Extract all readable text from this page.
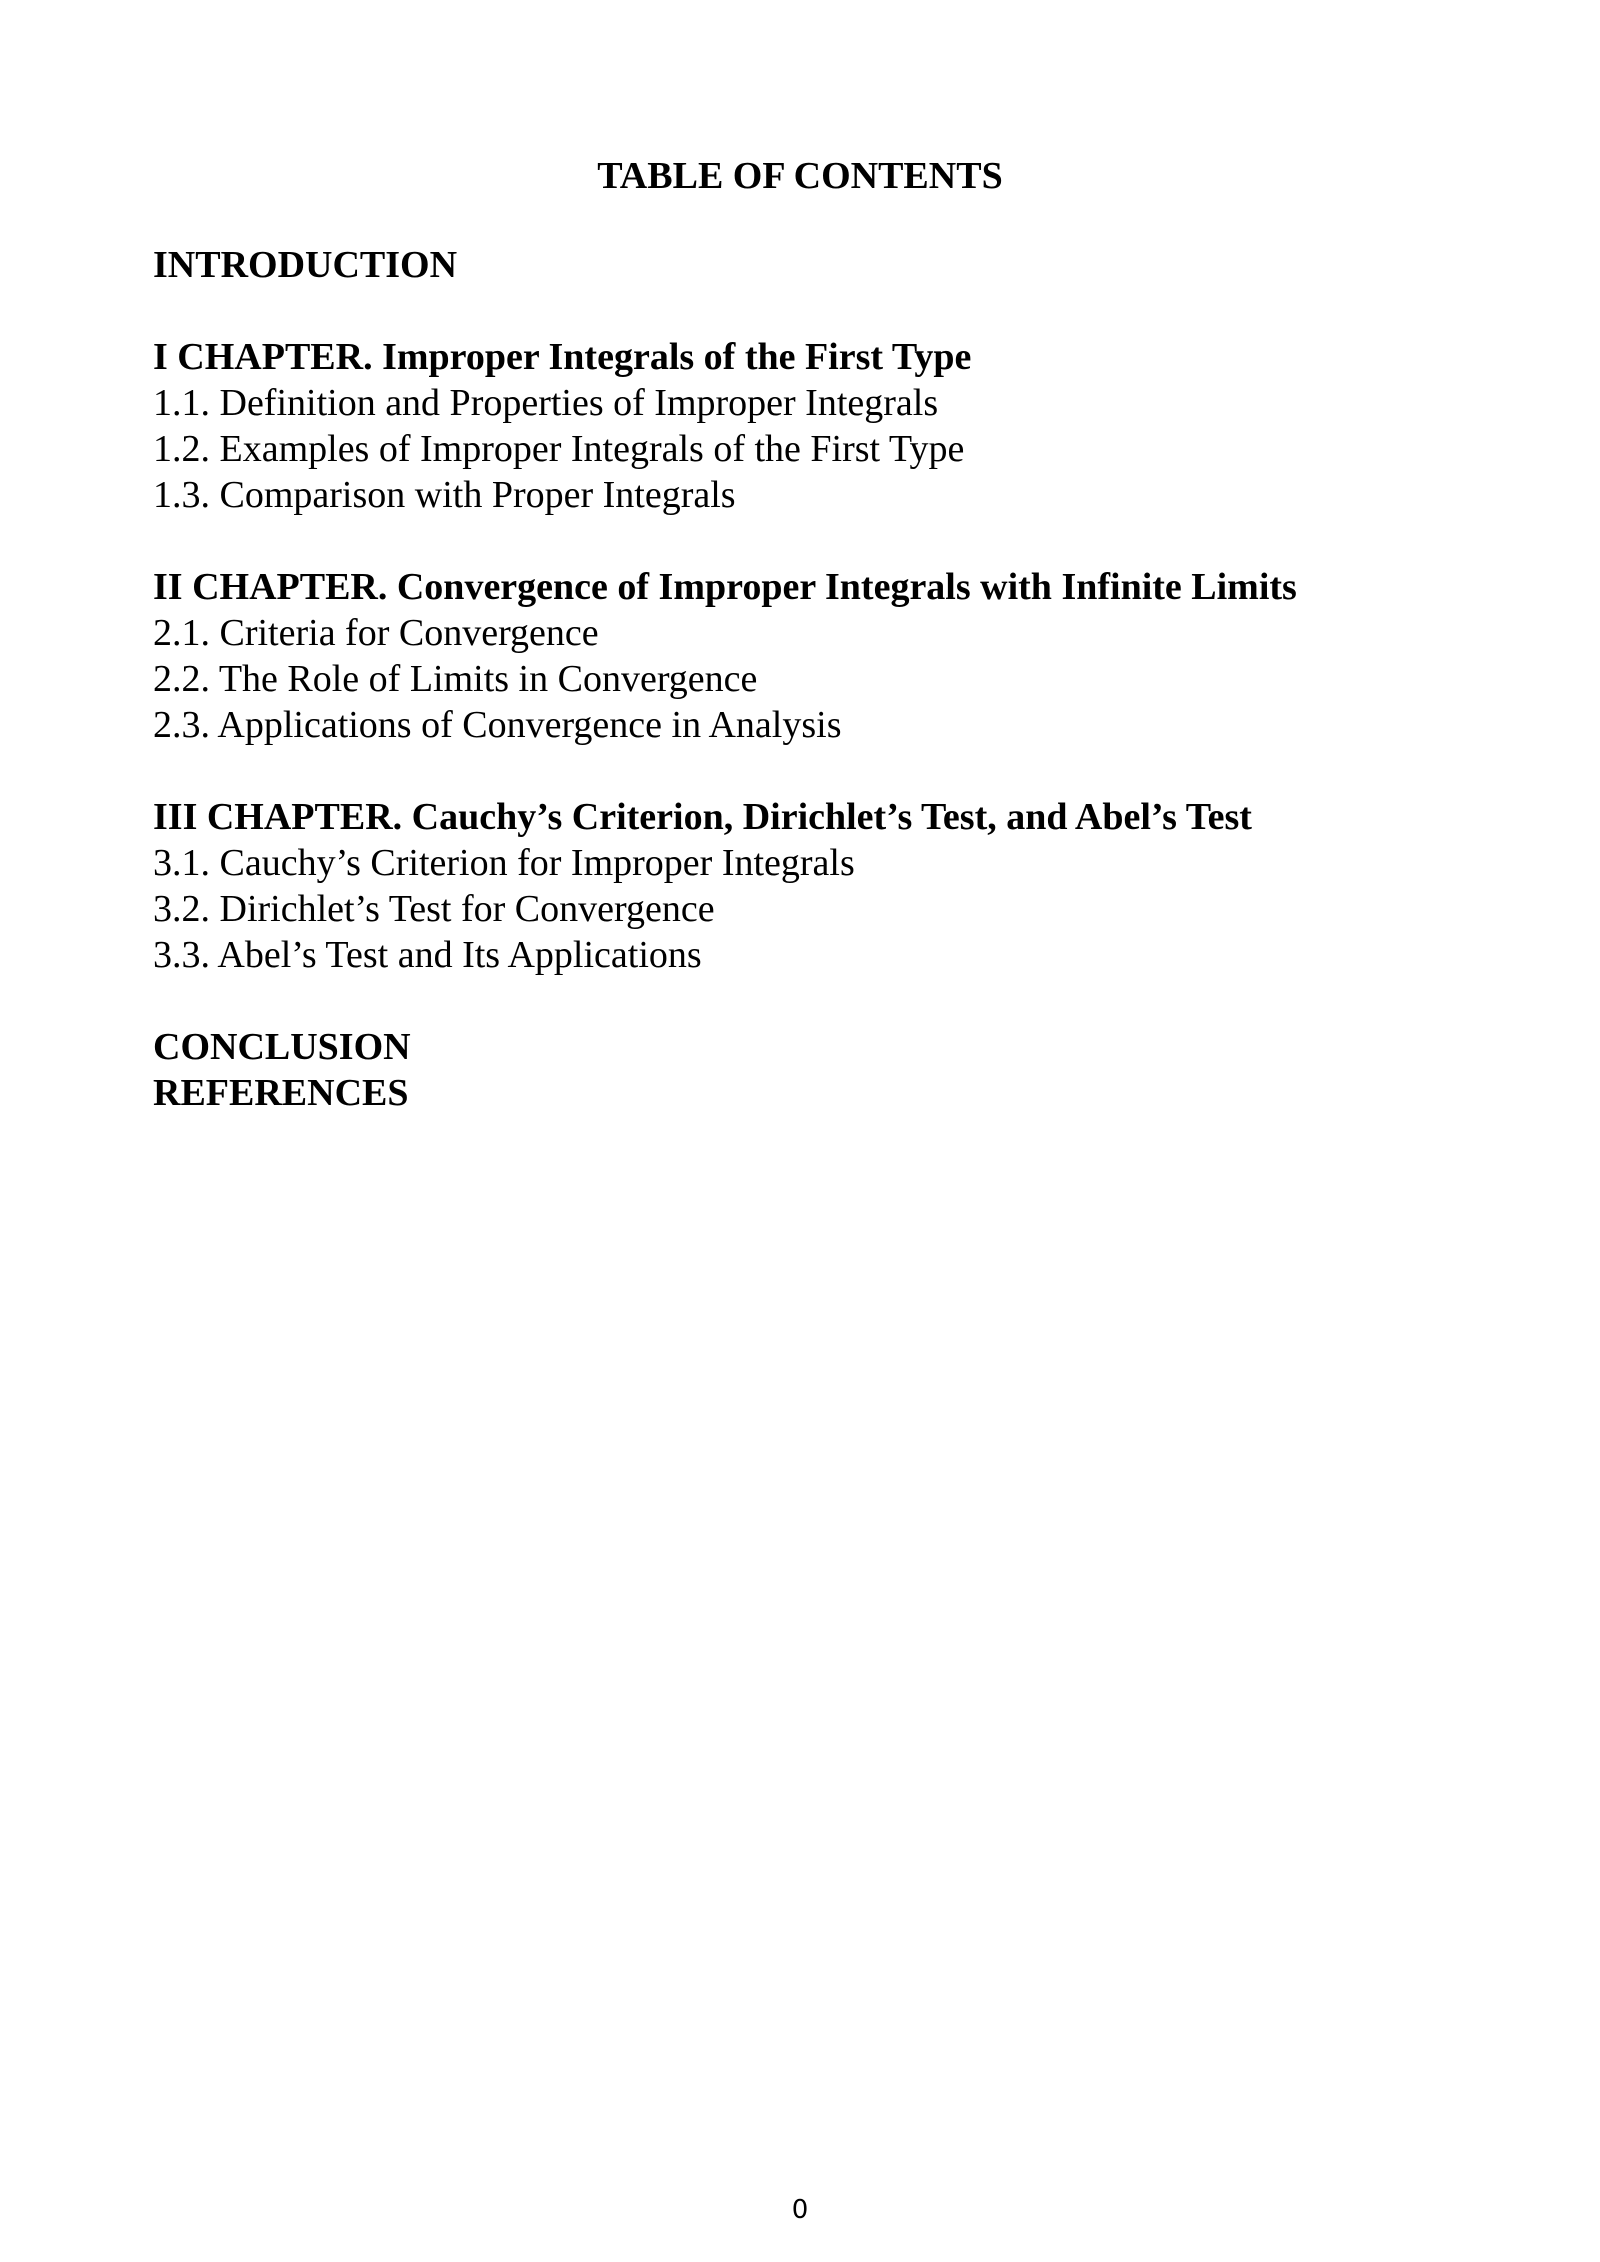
TABLE OF CONTENTS
INTRODUCTION
I CHAPTER. Improper Integrals of the First Type
1.1. Definition and Properties of Improper Integrals
1.2. Examples of Improper Integrals of the First Type
1.3. Comparison with Proper Integrals
II CHAPTER. Convergence of Improper Integrals with Infinite Limits
2.1. Criteria for Convergence
2.2. The Role of Limits in Convergence
2.3. Applications of Convergence in Analysis
III CHAPTER. Cauchy’s Criterion, Dirichlet’s Test, and Abel’s Test
3.1. Cauchy’s Criterion for Improper Integrals
3.2. Dirichlet’s Test for Convergence
3.3. Abel’s Test and Its Applications
CONCLUSION
REFERENCES
0
